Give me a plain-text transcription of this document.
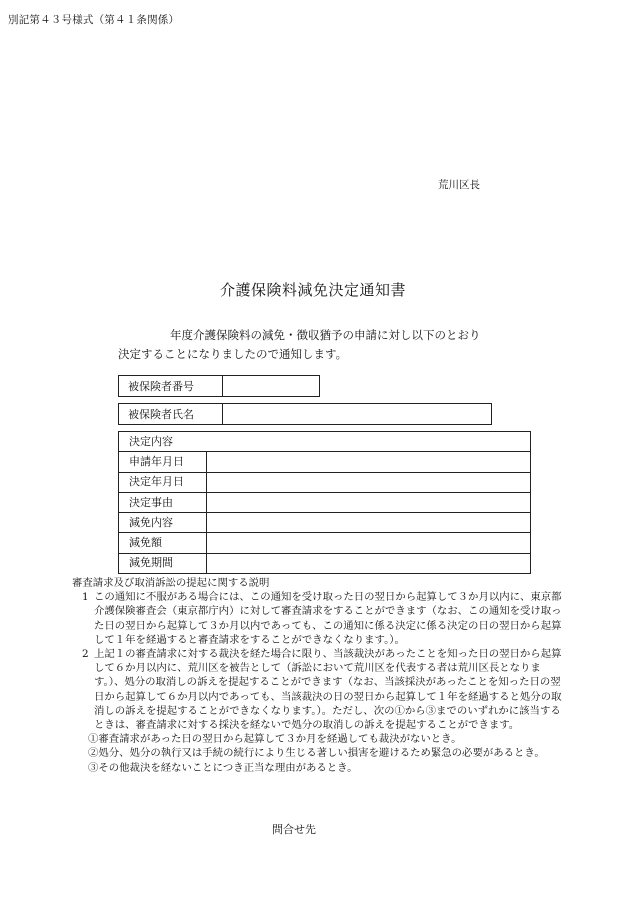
別記第４３号様式（第４１条関係）
荒川区長
介護保険料減免決定通知書
年度介護保険料の減免・徴収猶予の申請に対し以下のとおり
決定することになりましたので通知します。
被保険者番号
被保険者氏名
決定内容	
申請年月日	
決定年月日	
決定事由	
減免内容	
減免額	
減免期間	
審査請求及び取消訴訟の提起に関する説明
1 この通知に不服がある場合には、この通知を受け取った日の翌日から起算して３か月以内に、東京都介護保険審査会（東京都庁内）に対して審査請求をすることができます（なお、この通知を受け取った日の翌日から起算して３か月以内であっても、この通知に係る決定に係る決定の日の翌日から起算して１年を経過すると審査請求をすることができなくなります。）。
2 上記１の審査請求に対する裁決を経た場合に限り、当該裁決があったことを知った日の翌日から起算して６か月以内に、荒川区を被告として（訴訟において荒川区を代表する者は荒川区長となります。）、処分の取消しの訴えを提起することができます（なお、当該採決があったことを知った日の翌日から起算して６か月以内であっても、当該裁決の日の翌日から起算して１年を経過すると処分の取消しの訴えを提起することができなくなります。）。ただし、次の①から③までのいずれかに該当するときは、審査請求に対する採決を経ないで処分の取消しの訴えを提起することができます。
①審査請求があった日の翌日から起算して３か月を経過しても裁決がないとき。
②処分、処分の執行又は手続の続行により生じる著しい損害を避けるため緊急の必要があるとき。
③その他裁決を経ないことにつき正当な理由があるとき。
問合せ先
